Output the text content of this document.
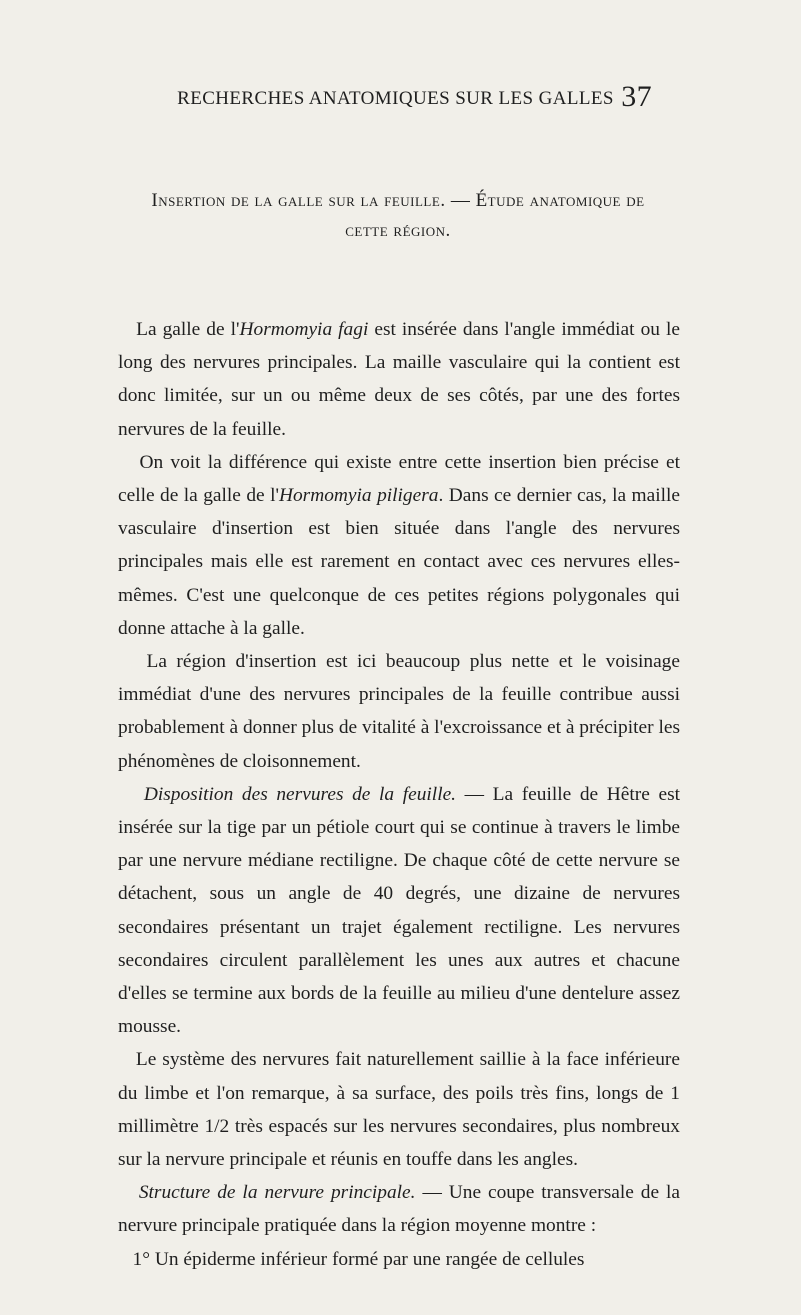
RECHERCHES ANATOMIQUES SUR LES GALLES 37
Insertion de la galle sur la feuille. — Étude anatomique de
cette région.

La galle de l'Hormomyia fagi est insérée dans l'angle immédiat ou le long des nervures principales. La maille vasculaire qui la contient est donc limitée, sur un ou même deux de ses côtés, par une des fortes nervures de la feuille.

On voit la différence qui existe entre cette insertion bien précise et celle de la galle de l'Hormomyia piligera. Dans ce dernier cas, la maille vasculaire d'insertion est bien située dans l'angle des nervures principales mais elle est rarement en contact avec ces nervures elles-mêmes. C'est une quelconque de ces petites régions polygonales qui donne attache à la galle.

La région d'insertion est ici beaucoup plus nette et le voisinage immédiat d'une des nervures principales de la feuille contribue aussi probablement à donner plus de vitalité à l'excroissance et à précipiter les phénomènes de cloisonnement.

Disposition des nervures de la feuille. — La feuille de Hêtre est insérée sur la tige par un pétiole court qui se continue à travers le limbe par une nervure médiane rectiligne. De chaque côté de cette nervure se détachent, sous un angle de 40 degrés, une dizaine de nervures secondaires présentant un trajet également rectiligne. Les nervures secondaires circulent parallèlement les unes aux autres et chacune d'elles se termine aux bords de la feuille au milieu d'une dentelure assez mousse.

Le système des nervures fait naturellement saillie à la face inférieure du limbe et l'on remarque, à sa surface, des poils très fins, longs de 1 millimètre 1/2 très espacés sur les nervures secondaires, plus nombreux sur la nervure principale et réunis en touffe dans les angles.

Structure de la nervure principale. — Une coupe transversale de la nervure principale pratiquée dans la région moyenne montre :

1° Un épiderme inférieur formé par une rangée de cellules
